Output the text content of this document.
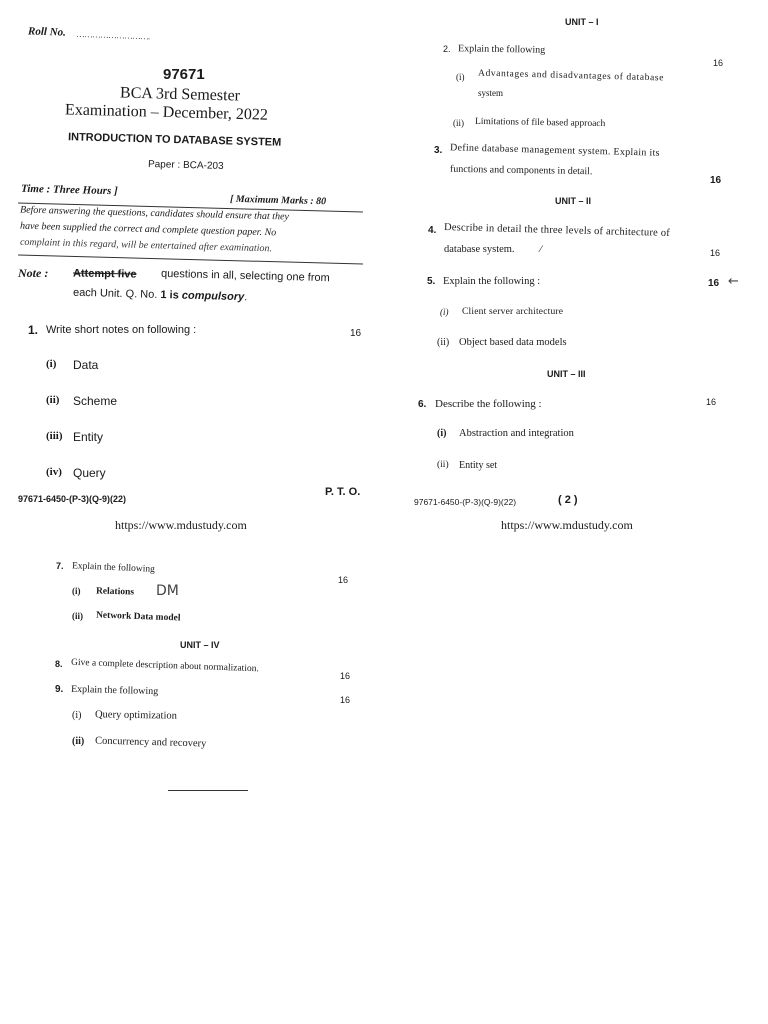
Roll No. ……………………….
97671
BCA 3rd Semester
Examination – December, 2022
INTRODUCTION TO DATABASE SYSTEM
Paper : BCA-203
Time : Three Hours ]
[ Maximum Marks : 80
Before answering the questions, candidates should ensure that they
have been supplied the correct and complete question paper. No
complaint in this regard, will be entertained after examination.
Note : Attempt five questions in all, selecting one from
each Unit. Q. No. 1 is compulsory.
1. Write short notes on following :	16
(i) Data
(ii) Scheme
(iii) Entity
(iv) Query
97671-6450-(P-3)(Q-9)(22)
P. T. O.
https://www.mdustudy.com
UNIT – I
2. Explain the following
16
(i) Advantages and disadvantages of database
system
(ii) Limitations of file based approach
3. Define database management system. Explain its
functions and components in detail.
16
UNIT – II
4. Describe in detail the three levels of architecture of
database system.	⁄	16
5. Explain the following :	16 ←
(i) Client server architecture
(ii) Object based data models
UNIT – III
6. Describe the following :	16
(i) Abstraction and integration
(ii) Entity set
97671-6450-(P-3)(Q-9)(22)	( 2 )
https://www.mdustudy.com
7. Explain the following
16
(i) Relations DM
(ii) Network Data model
UNIT – IV
8. Give a complete description about normalization.
16
9. Explain the following
16
(i) Query optimization
(ii) Concurrency and recovery
